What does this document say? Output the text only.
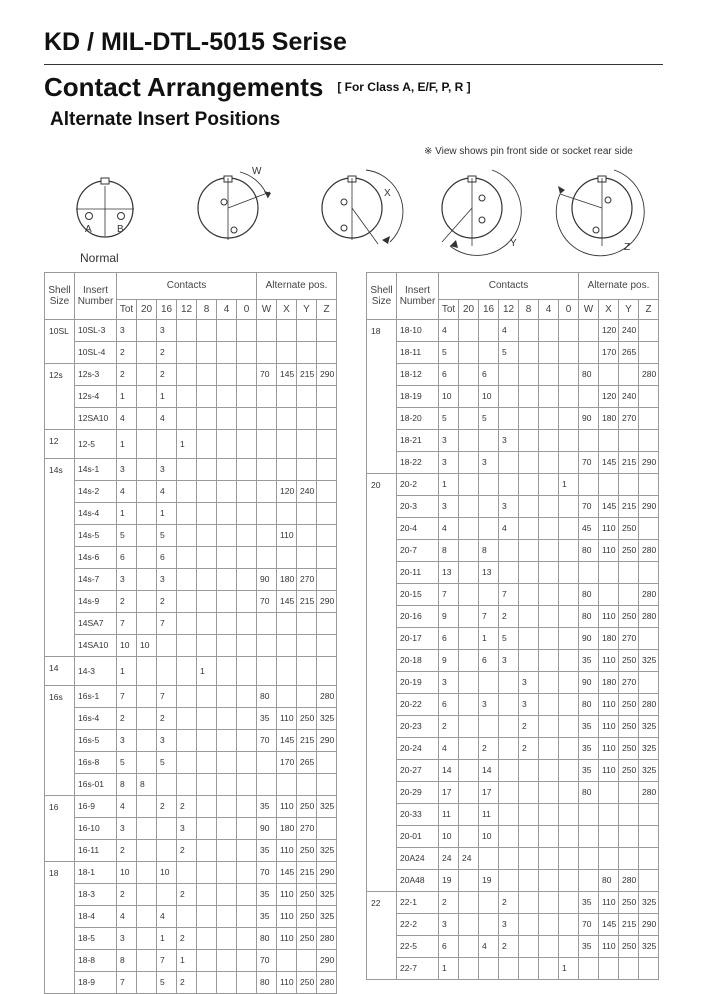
KD / MIL-DTL-5015 Serise
Contact Arrangements [ For Class A, E/F, P, R ]
Alternate Insert Positions
※ View shows pin front side or socket rear side
A	B
Normal
W
X
Y	Z
Shell
Size	Insert
Number	Contacts							Alternate pos.			
		Tot	20	16	12	8	4	0	W	X	Y	Z
10SL	10SL-3	3		3								
	10SL-4	2		2								
12s	12s-3	2		2					70	145	215	290
	12s-4	1		1								
	12SA10	4		4								
12	12-5	1			1							
14s	14s-1	3		3								
	14s-2	4		4						120	240	
	14s-4	1		1								
	14s-5	5		5						110		
	14s-6	6		6								
	14s-7	3		3					90	180	270	
	14s-9	2		2					70	145	215	290
	14SA7	7		7								
	14SA10	10	10									
14	14-3	1				1						
16s	16s-1	7		7					80			280
	16s-4	2		2					35	110	250	325
	16s-5	3		3					70	145	215	290
	16s-8	5		5						170	265	
	16s-01	8	8									
16	16-9	4		2	2				35	110	250	325
	16-10	3			3				90	180	270	
	16-11	2			2				35	110	250	325
18	18-1	10		10					70	145	215	290
	18-3	2			2				35	110	250	325
	18-4	4		4					35	110	250	325
	18-5	3		1	2				80	110	250	280
	18-8	8		7	1				70			290
	18-9	7		5	2				80	110	250	280
Shell
Size	Insert
Number	Contacts							Alternate pos.			
		Tot	20	16	12	8	4	0	W	X	Y	Z
18	18-10	4			4					120	240	
	18-11	5			5					170	265	
	18-12	6		6					80			280
	18-19	10		10						120	240	
	18-20	5		5					90	180	270	
	18-21	3			3							
	18-22	3		3					70	145	215	290
20	20-2	1						1				
	20-3	3			3				70	145	215	290
	20-4	4			4				45	110	250	
	20-7	8		8					80	110	250	280
	20-11	13		13								
	20-15	7			7				80			280
	20-16	9		7	2				80	110	250	280
	20-17	6		1	5				90	180	270	
	20-18	9		6	3				35	110	250	325
	20-19	3				3			90	180	270	
	20-22	6		3		3			80	110	250	280
	20-23	2				2			35	110	250	325
	20-24	4		2		2			35	110	250	325
	20-27	14		14					35	110	250	325
	20-29	17		17					80			280
	20-33	11		11								
	20-01	10		10								
	20A24	24	24									
	20A48	19		19						80	280	
22	22-1	2			2				35	110	250	325
	22-2	3			3				70	145	215	290
	22-5	6		4	2				35	110	250	325
	22-7	1						1				
